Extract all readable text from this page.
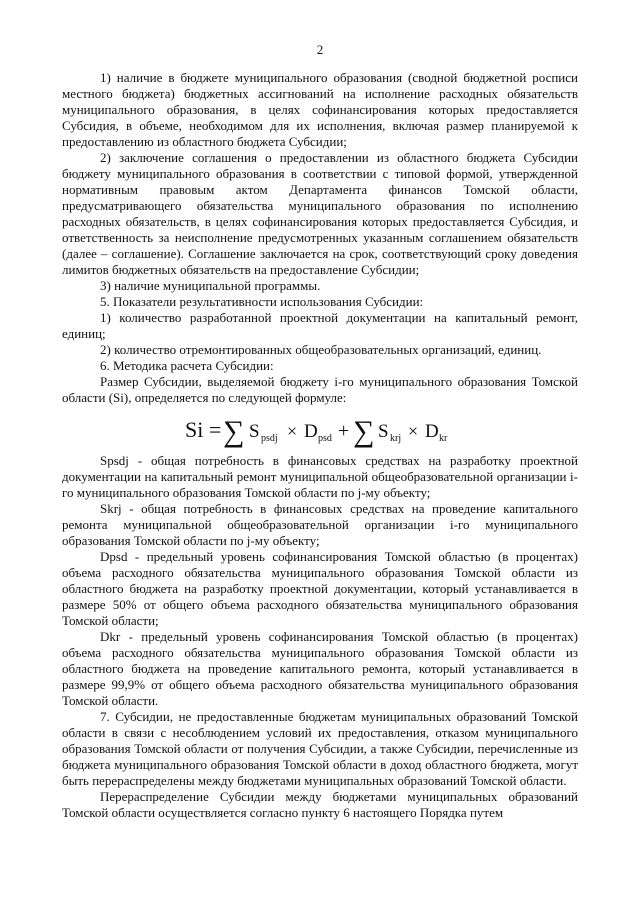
2

1) наличие в бюджете муниципального образования (сводной бюджетной росписи местного бюджета) бюджетных ассигнований на исполнение расходных обязательств муниципального образования, в целях софинансирования которых предоставляется Субсидия, в объеме, необходимом для их исполнения, включая размер планируемой к предоставлению из областного бюджета Субсидии;

2) заключение соглашения о предоставлении из областного бюджета Субсидии бюджету муниципального образования в соответствии с типовой формой, утвержденной нормативным правовым актом Департамента финансов Томской области, предусматривающего обязательства муниципального образования по исполнению расходных обязательств, в целях софинансирования которых предоставляется Субсидия, и ответственность за неисполнение предусмотренных указанным соглашением обязательств (далее – соглашение). Соглашение заключается на срок, соответствующий сроку доведения лимитов бюджетных обязательств на предоставление Субсидии;

3) наличие муниципальной программы.

5. Показатели результативности использования Субсидии:

1) количество разработанной проектной документации на капитальный ремонт, единиц;

2) количество отремонтированных общеобразовательных организаций, единиц.

6. Методика расчета Субсидии:

Размер Субсидии, выделяемой бюджету i-го муниципального образования Томской области (Si), определяется по следующей формуле:

Si = ∑ S psdj × D psd + ∑ S krj × D kr

Spsdj - общая потребность в финансовых средствах на разработку проектной документации на капитальный ремонт муниципальной общеобразовательной организации i-го муниципального образования Томской области по j-му объекту;

Skrj - общая потребность в финансовых средствах на проведение капитального ремонта муниципальной общеобразовательной организации i-го муниципального образования Томской области по j-му объекту;

Dpsd - предельный уровень софинансирования Томской областью (в процентах) объема расходного обязательства муниципального образования Томской области из областного бюджета на разработку проектной документации, который устанавливается в размере 50% от общего объема расходного обязательства муниципального образования Томской области;

Dkr - предельный уровень софинансирования Томской областью (в процентах) объема расходного обязательства муниципального образования Томской области из областного бюджета на проведение капитального ремонта, который устанавливается в размере 99,9% от общего объема расходного обязательства муниципального образования Томской области.

7. Субсидии, не предоставленные бюджетам муниципальных образований Томской области в связи с несоблюдением условий их предоставления, отказом муниципального образования Томской области от получения Субсидии, а также Субсидии, перечисленные из бюджета муниципального образования Томской области в доход областного бюджета, могут быть перераспределены между бюджетами муниципальных образований Томской области.

Перераспределение Субсидии между бюджетами муниципальных образований Томской области осуществляется согласно пункту 6 настоящего Порядка путем
